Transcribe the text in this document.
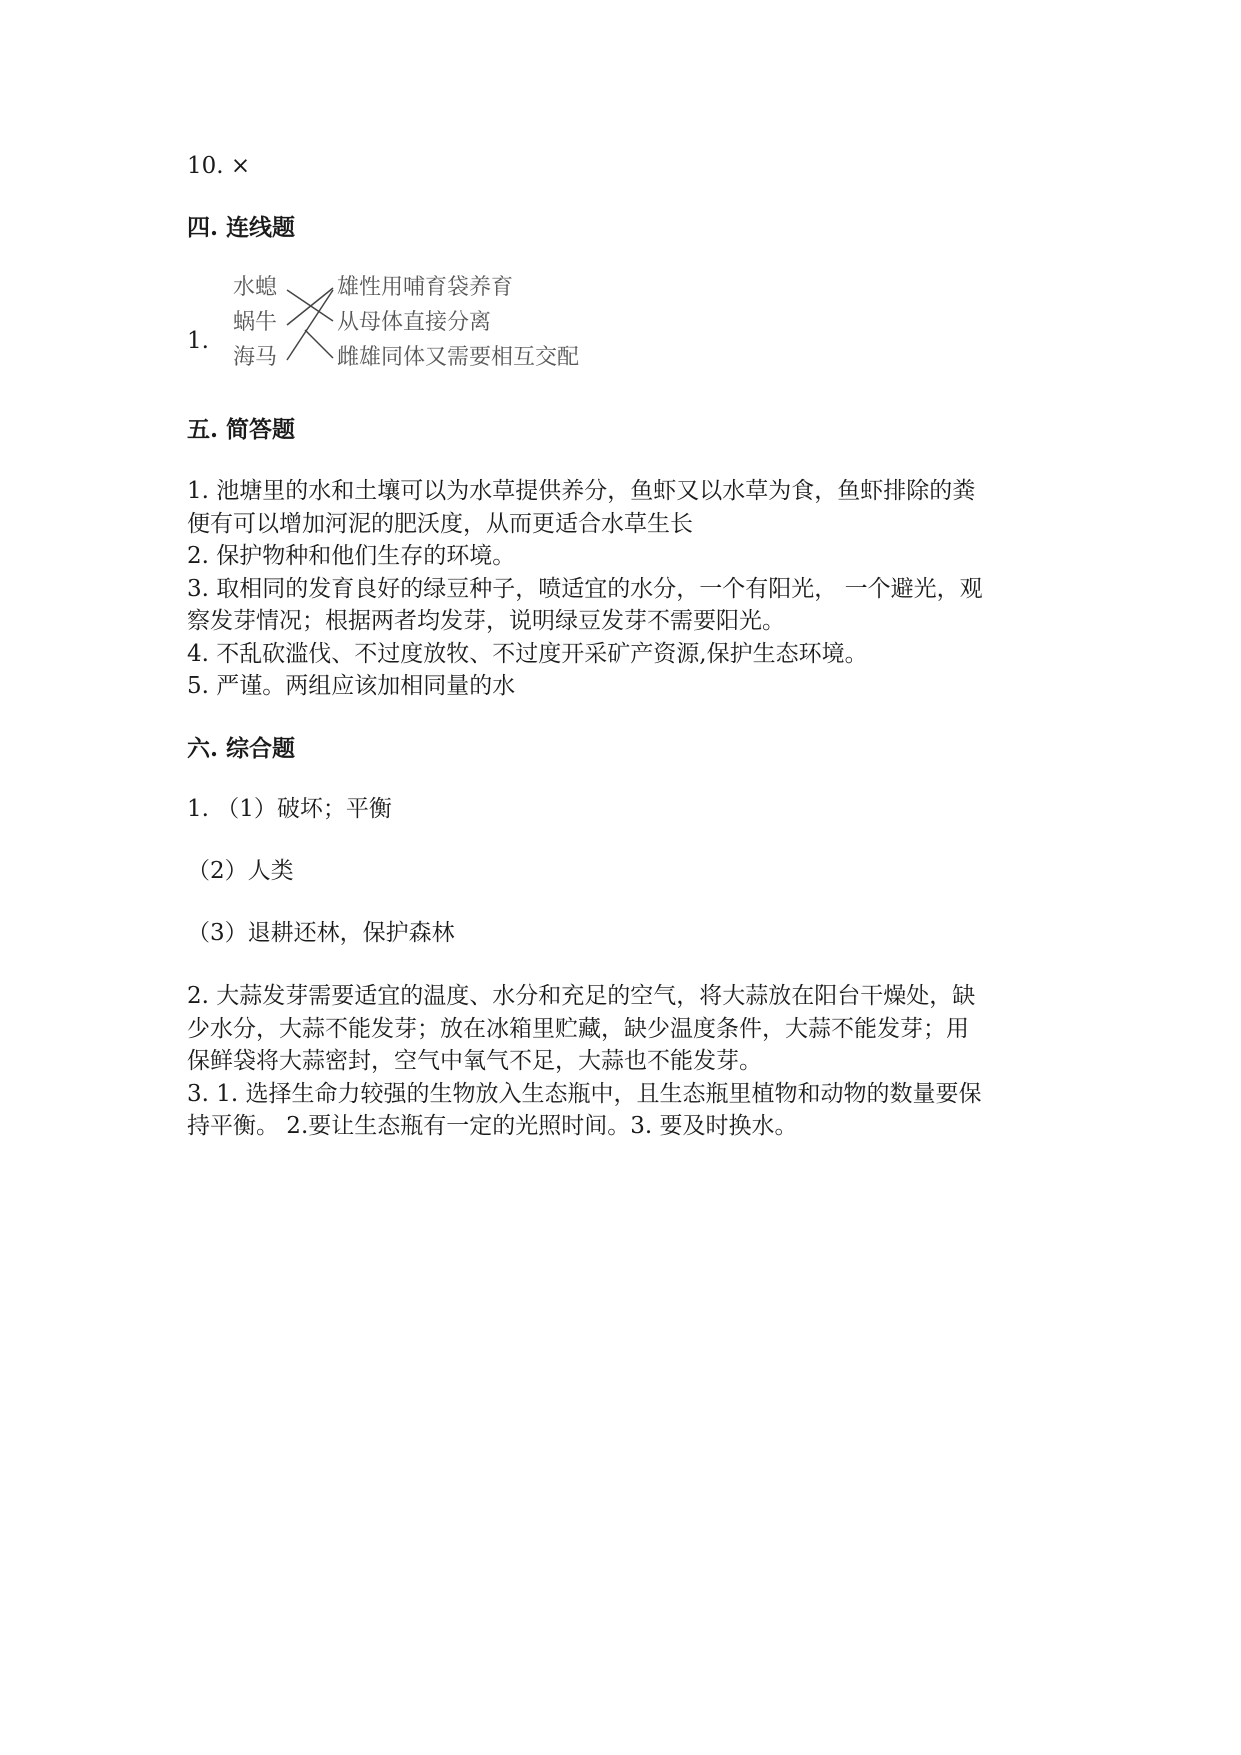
10. ×
四. 连线题
1.
水螅
蜗牛
海马
雄性用哺育袋养育
从母体直接分离
雌雄同体又需要相互交配
五. 简答题
1. 池塘里的水和土壤可以为水草提供养分，鱼虾又以水草为食，鱼虾排除的粪
便有可以增加河泥的肥沃度，从而更适合水草生长
2. 保护物种和他们生存的环境。
3. 取相同的发育良好的绿豆种子，喷适宜的水分，一个有阳光， 一个避光，观
察发芽情况；根据两者均发芽，说明绿豆发芽不需要阳光。
4. 不乱砍滥伐、不过度放牧、不过度开采矿产资源,保护生态环境。
5. 严谨。两组应该加相同量的水
六. 综合题
1. （1）破坏；平衡
（2）人类
（3）退耕还林，保护森林
2. 大蒜发芽需要适宜的温度、水分和充足的空气，将大蒜放在阳台干燥处，缺
少水分，大蒜不能发芽；放在冰箱里贮藏，缺少温度条件，大蒜不能发芽；用
保鲜袋将大蒜密封，空气中氧气不足，大蒜也不能发芽。
3. 1. 选择生命力较强的生物放入生态瓶中，且生态瓶里植物和动物的数量要保
持平衡。 2.要让生态瓶有一定的光照时间。3. 要及时换水。
